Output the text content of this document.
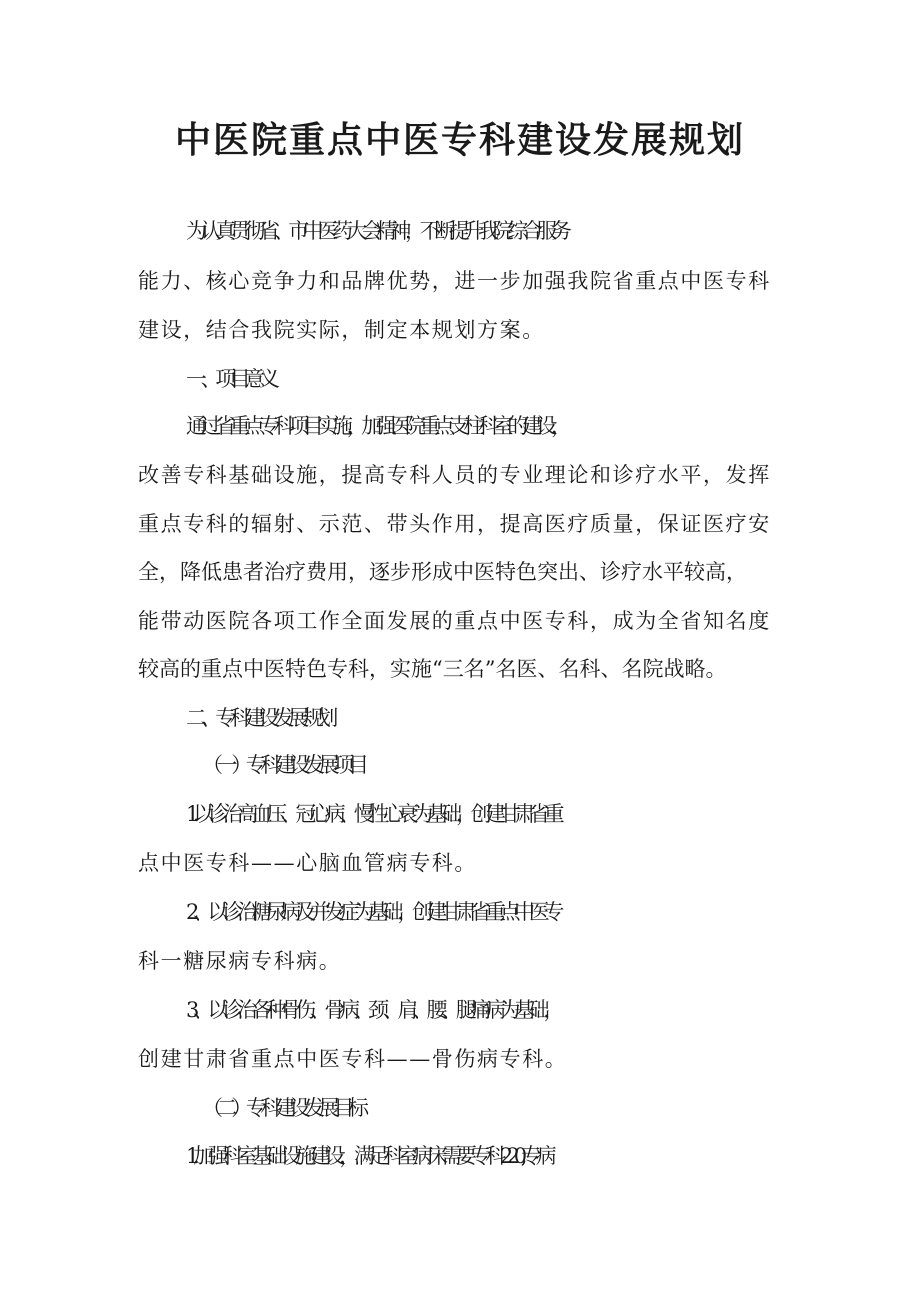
中医院重点中医专科建设发展规划

为认真贯彻省、市中医药大会精神，不断提升我院综合服务

能力、核心竞争力和品牌优势，进一步加强我院省重点中医专科

建设，结合我院实际，制定本规划方案。

一、项目意义

通过省重点专科项目实施，加强医院重点支柱科室的建设，

改善专科基础设施，提高专科人员的专业理论和诊疗水平，发挥

重点专科的辐射、示范、带头作用，提高医疗质量，保证医疗安

全，降低患者治疗费用，逐步形成中医特色突出、诊疗水平较高，

能带动医院各项工作全面发展的重点中医专科，成为全省知名度

较高的重点中医特色专科，实施“三名”名医、名科、名院战略。

二、专科建设发展规划

（一）专科建设发展项目

1.以诊治高血压、冠心病、慢性心衰为基础，创建甘肃省重

点中医专科——心脑血管病专科。

2、以诊治糖尿病及并发症为基础，创建甘肃省重点中医专

科一糖尿病专科病。

3、以诊治各种骨伤、骨病、颈、肩、腰、腿痛病为基础，

创建甘肃省重点中医专科——骨伤病专科。

（二）专科建设发展目标

1.加强科室基础设施建设，满足科室病床需要专科220,专病
